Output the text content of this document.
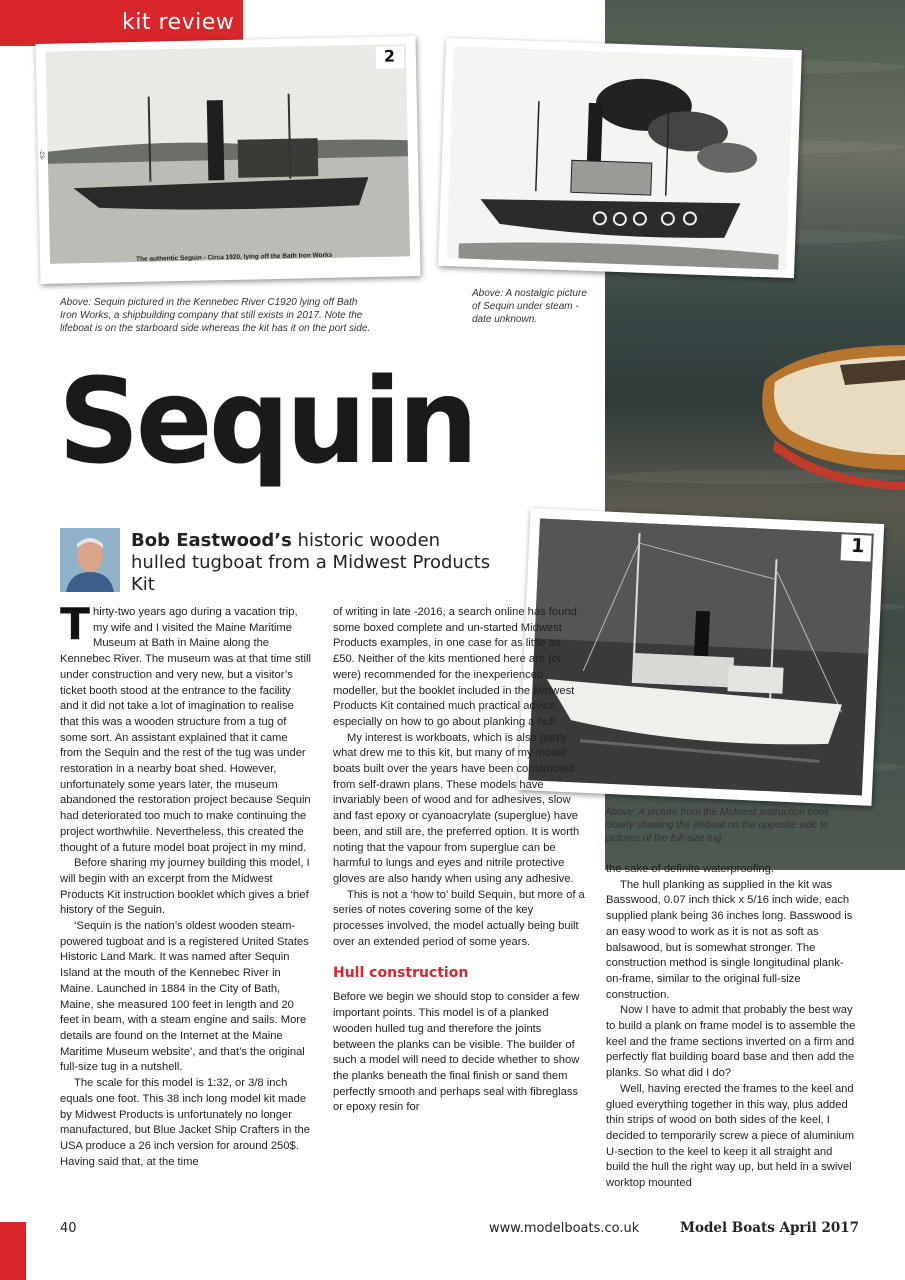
kit review
2
The authentic Seguin - Circa 1920, lying off the Bath Iron Works
-23-
Above: Sequin pictured in the Kennebec River C1920 lying off Bath Iron Works, a shipbuilding company that still exists in 2017. Note the lifeboat is on the starboard side whereas the kit has it on the port side.
Above: A nostalgic picture of Sequin under steam - date unknown.
Sequin
Bob Eastwood’s historic wooden hulled tugboat from a Midwest Products Kit
1
Above: A picture from the Midwest instruction book, clearly showing the lifeboat on the opposite side to pictures of the full-size tug.

Thirty-two years ago during a vacation trip, my wife and I visited the Maine Maritime Museum at Bath in Maine along the Kennebec River. The museum was at that time still under construction and very new, but a visitor’s ticket booth stood at the entrance to the facility and it did not take a lot of imagination to realise that this was a wooden structure from a tug of some sort. An assistant explained that it came from the Sequin and the rest of the tug was under restoration in a nearby boat shed. However, unfortunately some years later, the museum abandoned the restoration project because Sequin had deteriorated too much to make continuing the project worthwhile. Nevertheless, this created the thought of a future model boat project in my mind.

Before sharing my journey building this model, I will begin with an excerpt from the Midwest Products Kit instruction booklet which gives a brief history of the Seguin.

‘Sequin is the nation’s oldest wooden steam-powered tugboat and is a registered United States Historic Land Mark. It was named after Sequin Island at the mouth of the Kennebec River in Maine. Launched in 1884 in the City of Bath, Maine, she measured 100 feet in length and 20 feet in beam, with a steam engine and sails. More details are found on the Internet at the Maine Maritime Museum website’, and that’s the original full-size tug in a nutshell.

The scale for this model is 1:32, or 3/8 inch equals one foot. This 38 inch long model kit made by Midwest Products is unfortunately no longer manufactured, but Blue Jacket Ship Crafters in the USA produce a 26 inch version for around 250$. Having said that, at the time

of writing in late -2016, a search online has found some boxed complete and un-started Midwest Products examples, in one case for as little as £50. Neither of the kits mentioned here are (or were) recommended for the inexperienced modeller, but the booklet included in the Midwest Products Kit contained much practical advice, especially on how to go about planking a hull.

My interest is workboats, which is also partly what drew me to this kit, but many of my model boats built over the years have been constructed from self-drawn plans. These models have invariably been of wood and for adhesives, slow and fast epoxy or cyanoacrylate (superglue) have been, and still are, the preferred option. It is worth noting that the vapour from superglue can be harmful to lungs and eyes and nitrile protective gloves are also handy when using any adhesive.

This is not a ‘how to’ build Sequin, but more of a series of notes covering some of the key processes involved, the model actually being built over an extended period of some years.

Hull construction

Before we begin we should stop to consider a few important points. This model is of a planked wooden hulled tug and therefore the joints between the planks can be visible. The builder of such a model will need to decide whether to show the planks beneath the final finish or sand them perfectly smooth and perhaps seal with fibreglass or epoxy resin for

the sake of definite waterproofing.

The hull planking as supplied in the kit was Basswood, 0.07 inch thick x 5/16 inch wide, each supplied plank being 36 inches long. Basswood is an easy wood to work as it is not as soft as balsawood, but is somewhat stronger. The construction method is single longitudinal plank-on-frame, similar to the original full-size construction.

Now I have to admit that probably the best way to build a plank on frame model is to assemble the keel and the frame sections inverted on a firm and perfectly flat building board base and then add the planks. So what did I do?

Well, having erected the frames to the keel and glued everything together in this way, plus added thin strips of wood on both sides of the keel, I decided to temporarily screw a piece of aluminium U-section to the keel to keep it all straight and build the hull the right way up, but held in a swivel worktop mounted

40	www.modelboats.co.uk	Model Boats April 2017
